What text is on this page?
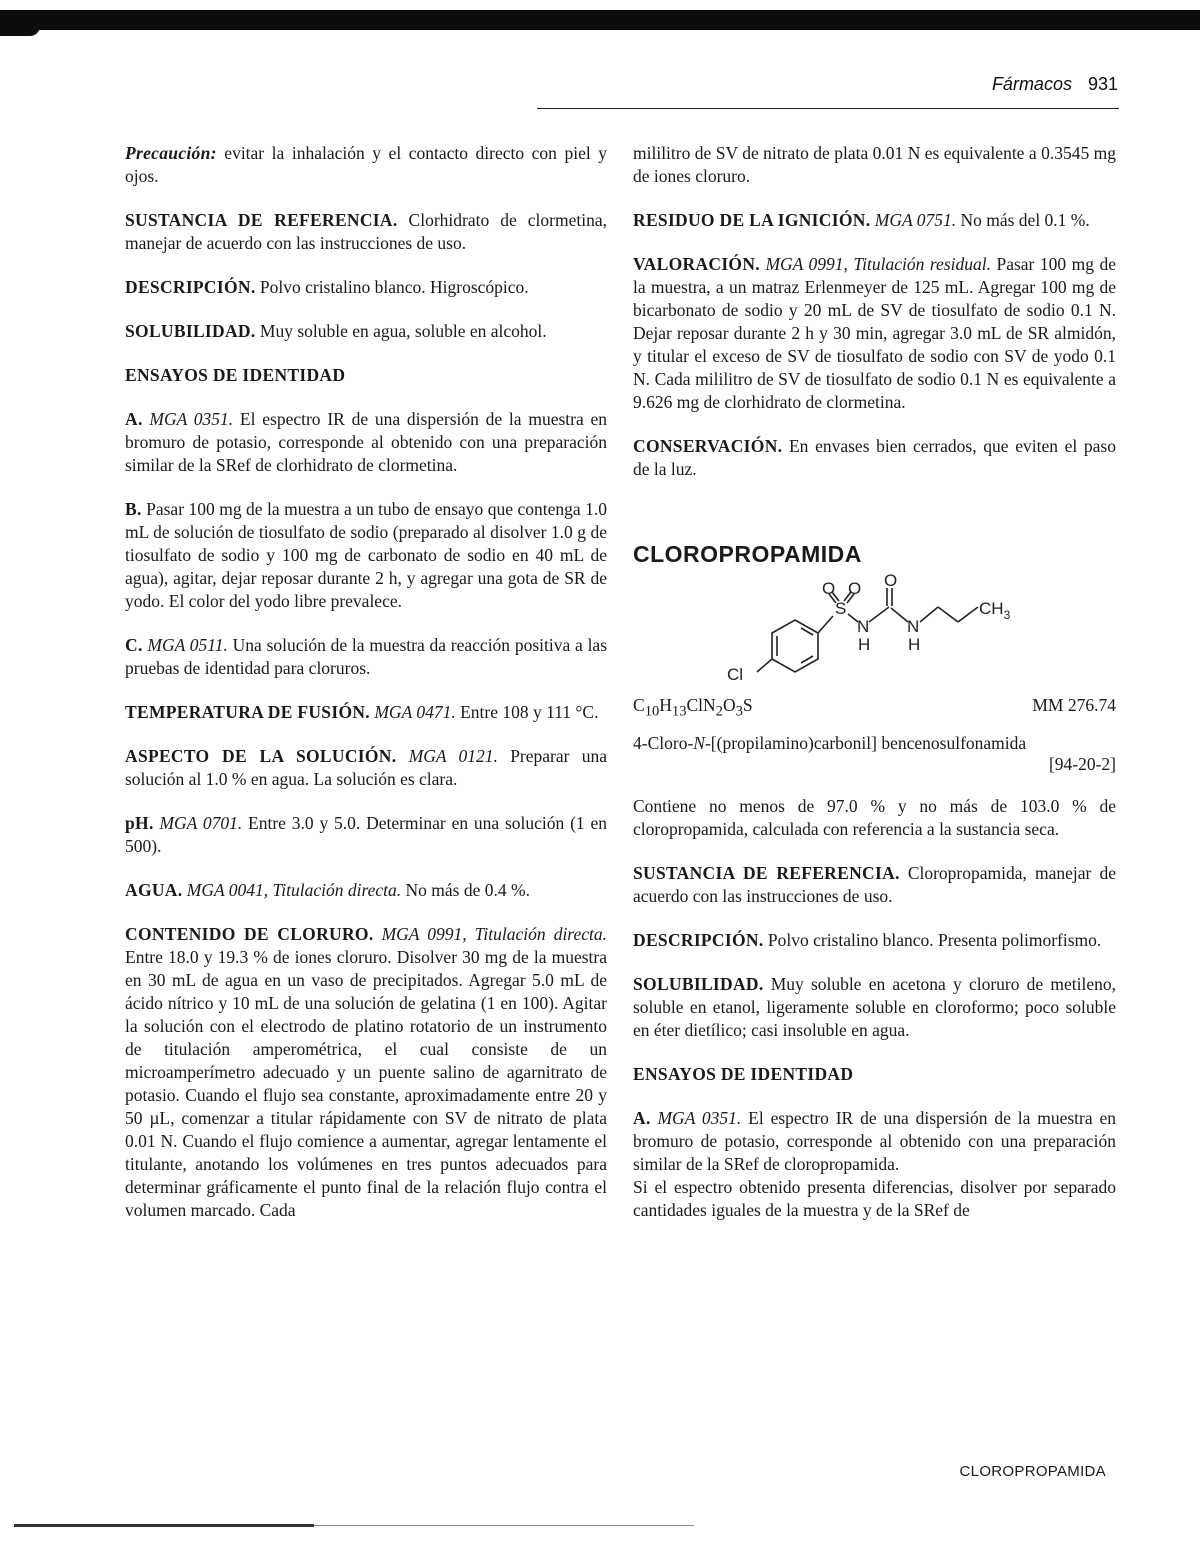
Fármacos 931

Precaución: evitar la inhalación y el contacto directo con piel y ojos.

SUSTANCIA DE REFERENCIA. Clorhidrato de clormetina, manejar de acuerdo con las instrucciones de uso.

DESCRIPCIÓN. Polvo cristalino blanco. Higroscópico.

SOLUBILIDAD. Muy soluble en agua, soluble en alcohol.

ENSAYOS DE IDENTIDAD

A. MGA 0351. El espectro IR de una dispersión de la muestra en bromuro de potasio, corresponde al obtenido con una preparación similar de la SRef de clorhidrato de clormetina.

B. Pasar 100 mg de la muestra a un tubo de ensayo que contenga 1.0 mL de solución de tiosulfato de sodio (preparado al disolver 1.0 g de tiosulfato de sodio y 100 mg de carbonato de sodio en 40 mL de agua), agitar, dejar reposar durante 2 h, y agregar una gota de SR de yodo. El color del yodo libre prevalece.

C. MGA 0511. Una solución de la muestra da reacción positiva a las pruebas de identidad para cloruros.

TEMPERATURA DE FUSIÓN. MGA 0471. Entre 108 y 111 °C.

ASPECTO DE LA SOLUCIÓN. MGA 0121. Preparar una solución al 1.0 % en agua. La solución es clara.

pH. MGA 0701. Entre 3.0 y 5.0. Determinar en una solución (1 en 500).

AGUA. MGA 0041, Titulación directa. No más de 0.4 %.

CONTENIDO DE CLORURO. MGA 0991, Titulación directa. Entre 18.0 y 19.3 % de iones cloruro. Disolver 30 mg de la muestra en 30 mL de agua en un vaso de precipitados. Agregar 5.0 mL de ácido nítrico y 10 mL de una solución de gelatina (1 en 100). Agitar la solución con el electrodo de platino rotatorio de un instrumento de titulación amperométrica, el cual consiste de un microamperímetro adecuado y un puente salino de agarnitrato de potasio. Cuando el flujo sea constante, aproximadamente entre 20 y 50 µL, comenzar a titular rápidamente con SV de nitrato de plata 0.01 N. Cuando el flujo comience a aumentar, agregar lentamente el titulante, anotando los volúmenes en tres puntos adecuados para determinar gráficamente el punto final de la relación flujo contra el volumen marcado. Cada

mililitro de SV de nitrato de plata 0.01 N es equivalente a 0.3545 mg de iones cloruro.

RESIDUO DE LA IGNICIÓN. MGA 0751. No más del 0.1 %.

VALORACIÓN. MGA 0991, Titulación residual. Pasar 100 mg de la muestra, a un matraz Erlenmeyer de 125 mL. Agregar 100 mg de bicarbonato de sodio y 20 mL de SV de tiosulfato de sodio 0.1 N. Dejar reposar durante 2 h y 30 min, agregar 3.0 mL de SR almidón, y titular el exceso de SV de tiosulfato de sodio con SV de yodo 0.1 N. Cada mililitro de SV de tiosulfato de sodio 0.1 N es equivalente a 9.626 mg de clorhidrato de clormetina.

CONSERVACIÓN. En envases bien cerrados, que eviten el paso de la luz.

CLOROPROPAMIDA
O O O
S
N
H
N
H
$CH_3$
Cl
$C_{10}H_{13}ClN_2O_3S$	MM 276.74
4-Cloro-N-[(propilamino)carbonil] bencenosulfonamida
[94-20-2]

Contiene no menos de 97.0 % y no más de 103.0 % de cloropropamida, calculada con referencia a la sustancia seca.

SUSTANCIA DE REFERENCIA. Cloropropamida, manejar de acuerdo con las instrucciones de uso.

DESCRIPCIÓN. Polvo cristalino blanco. Presenta polimorfismo.

SOLUBILIDAD. Muy soluble en acetona y cloruro de metileno, soluble en etanol, ligeramente soluble en cloroformo; poco soluble en éter dietílico; casi insoluble en agua.

ENSAYOS DE IDENTIDAD

A. MGA 0351. El espectro IR de una dispersión de la muestra en bromuro de potasio, corresponde al obtenido con una preparación similar de la SRef de cloropropamida.

Si el espectro obtenido presenta diferencias, disolver por separado cantidades iguales de la muestra y de la SRef de

CLOROPROPAMIDA
